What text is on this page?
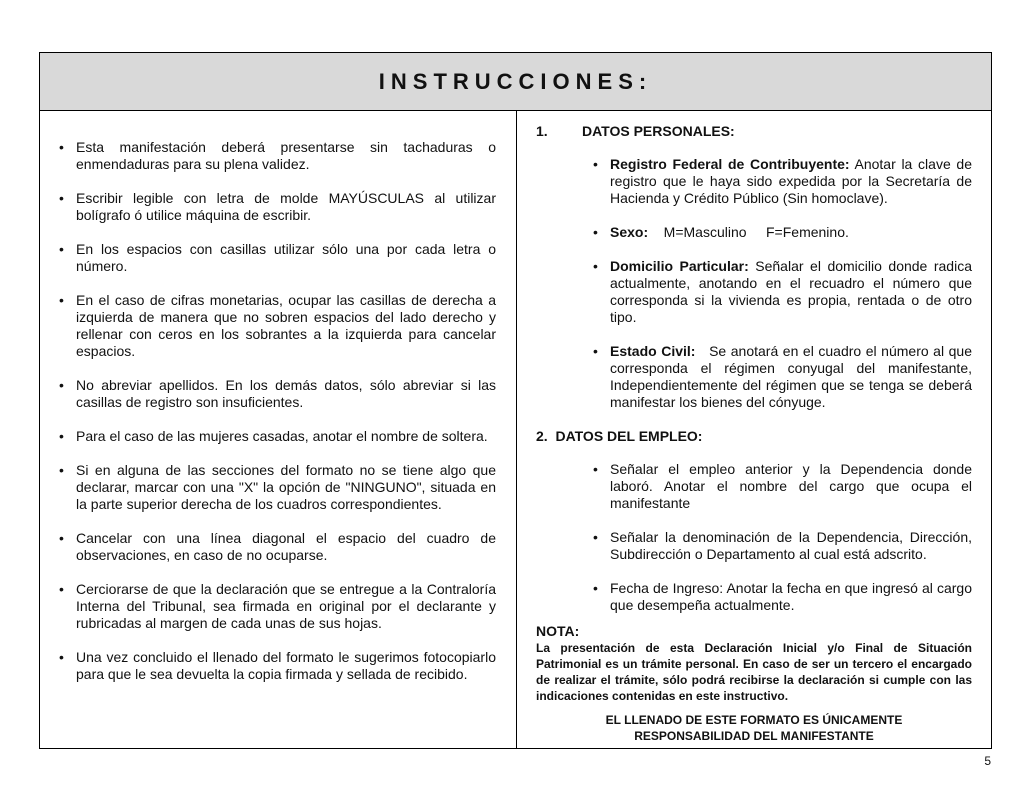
INSTRUCCIONES:
• Esta manifestación deberá presentarse sin tachaduras o enmendaduras para su plena validez.
• Escribir legible con letra de molde MAYÚSCULAS al utilizar bolígrafo ó utilice máquina de escribir.
• En los espacios con casillas utilizar sólo una por cada letra o número.
• En el caso de cifras monetarias, ocupar las casillas de derecha a izquierda de manera que no sobren espacios del lado derecho y rellenar con ceros en los sobrantes a la izquierda para cancelar espacios.
• No abreviar apellidos. En los demás datos, sólo abreviar si las casillas de registro son insuficientes.
• Para el caso de las mujeres casadas, anotar el nombre de soltera.
• Si en alguna de las secciones del formato no se tiene algo que declarar, marcar con una "X" la opción de "NINGUNO", situada en la parte superior derecha de los cuadros correspondientes.
• Cancelar con una línea diagonal el espacio del cuadro de observaciones, en caso de no ocuparse.
• Cerciorarse de que la declaración que se entregue a la Contraloría Interna del Tribunal, sea firmada en original por el declarante y rubricadas al margen de cada unas de sus hojas.
• Una vez concluido el llenado del formato le sugerimos fotocopiarlo para que le sea devuelta la copia firmada y sellada de recibido.
1. DATOS PERSONALES:
• Registro Federal de Contribuyente: Anotar la clave de registro que le haya sido expedida por la Secretaría de Hacienda y Crédito Público (Sin homoclave).
• Sexo:    M=Masculino     F=Femenino.
• Domicilio Particular: Señalar el domicilio donde radica actualmente, anotando en el recuadro el número que corresponda si la vivienda es propia, rentada o de otro tipo.
• Estado Civil:   Se anotará en el cuadro el número al que corresponda el régimen conyugal del manifestante, Independientemente del régimen que se tenga se deberá manifestar los bienes del cónyuge.
2.  DATOS DEL EMPLEO:
• Señalar el empleo anterior y la Dependencia donde laboró. Anotar el nombre del cargo que ocupa el manifestante
• Señalar la denominación de la Dependencia, Dirección, Subdirección o Departamento al cual está adscrito.
• Fecha de Ingreso: Anotar la fecha en que ingresó al cargo que desempeña actualmente.
NOTA:
La presentación de esta Declaración Inicial y/o Final de Situación Patrimonial es un trámite personal. En caso de ser un tercero el encargado de realizar el trámite, sólo podrá recibirse la declaración si cumple con las indicaciones contenidas en este instructivo.
EL LLENADO DE ESTE FORMATO ES ÚNICAMENTE
RESPONSABILIDAD DEL MANIFESTANTE
5
